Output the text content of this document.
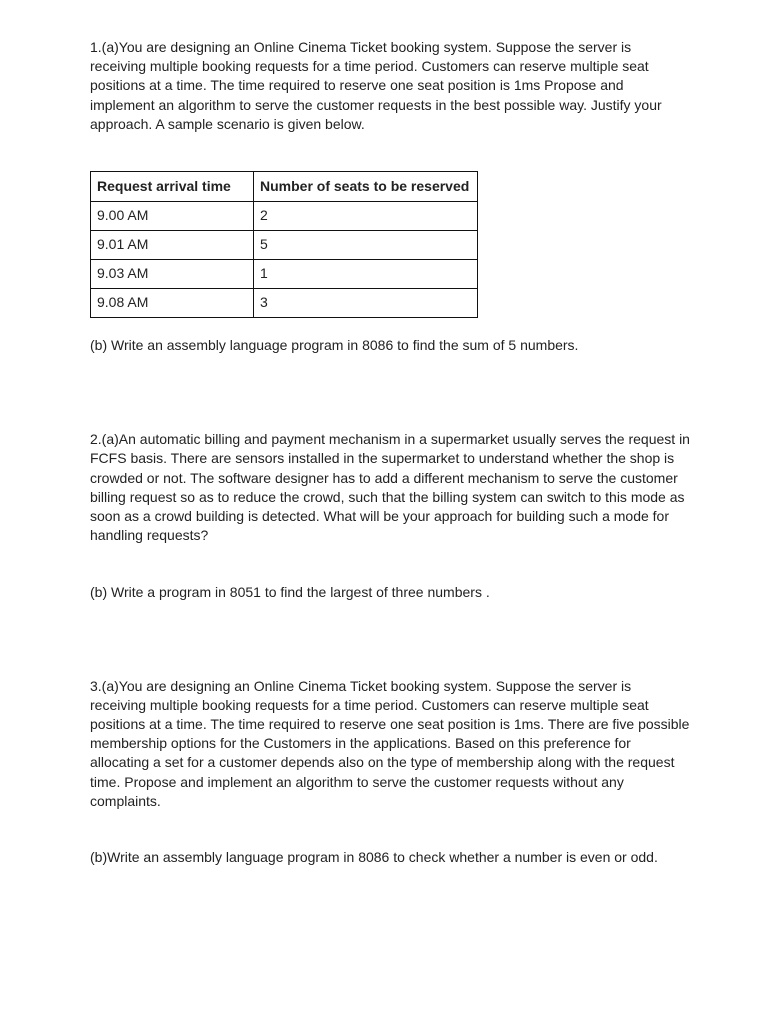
1.(a)You are designing an Online Cinema Ticket booking system. Suppose the server is receiving multiple booking requests for a time period. Customers can reserve multiple seat positions at a time. The time required to reserve one seat position is 1ms Propose and implement an algorithm to serve the customer requests in the best possible way. Justify your approach. A sample scenario is given below.

Request arrival time	Number of seats to be reserved
9.00 AM	2
9.01 AM	5
9.03 AM	1
9.08 AM	3

(b) Write an assembly language program in 8086 to find the sum of 5 numbers.

2.(a)An automatic billing and payment mechanism in a supermarket usually serves the request in FCFS basis. There are sensors installed in the supermarket to understand whether the shop is crowded or not. The software designer has to add a different mechanism to serve the customer billing request so as to reduce the crowd, such that the billing system can switch to this mode as soon as a crowd building is detected. What will be your approach for building such a mode for handling requests?

(b) Write a program in 8051 to find the largest of three numbers .

3.(a)You are designing an Online Cinema Ticket booking system. Suppose the server is receiving multiple booking requests for a time period. Customers can reserve multiple seat positions at a time. The time required to reserve one seat position is 1ms. There are five possible membership options for the Customers in the applications. Based on this preference for allocating a set for a customer depends also on the type of membership along with the request time. Propose and implement an algorithm to serve the customer requests without any complaints.

(b)Write an assembly language program in 8086 to check whether a number is even or odd.
